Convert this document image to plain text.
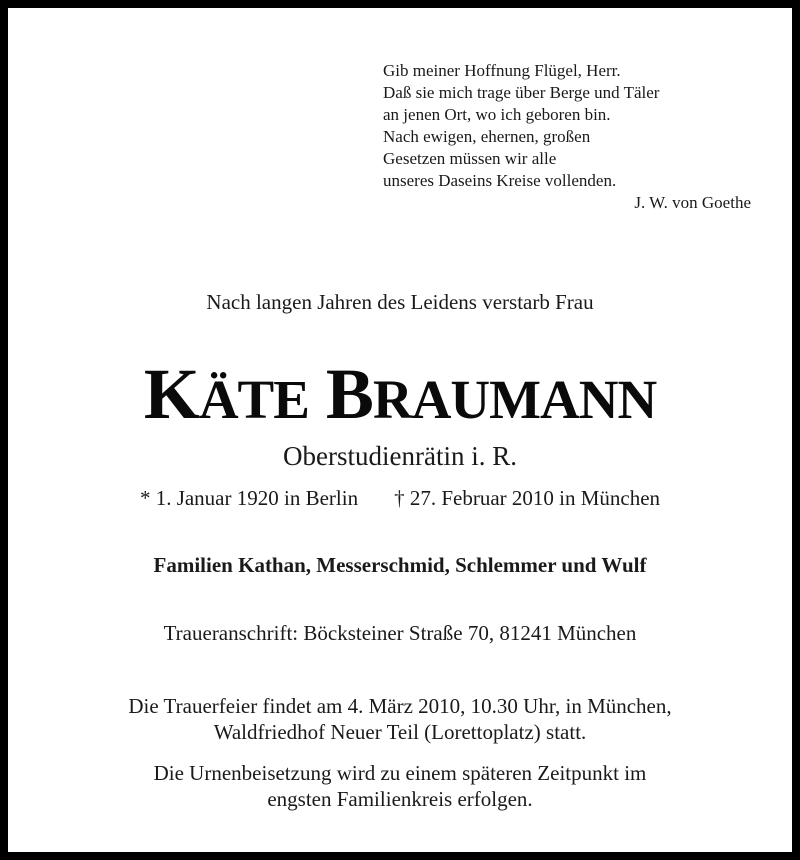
Gib meiner Hoffnung Flügel, Herr.
Daß sie mich trage über Berge und Täler
an jenen Ort, wo ich geboren bin.
Nach ewigen, ehernen, großen
Gesetzen müssen wir alle
unseres Daseins Kreise vollenden.
J. W. von Goethe
Nach langen Jahren des Leidens verstarb Frau
KÄTE BRAUMANN
Oberstudienrätin i. R.
* 1. Januar 1920 in Berlin † 27. Februar 2010 in München
Familien Kathan, Messerschmid, Schlemmer und Wulf
Traueranschrift: Böcksteiner Straße 70, 81241 München
Die Trauerfeier findet am 4. März 2010, 10.30 Uhr, in München,
Waldfriedhof Neuer Teil (Lorettoplatz) statt.
Die Urnenbeisetzung wird zu einem späteren Zeitpunkt im
engsten Familienkreis erfolgen.
